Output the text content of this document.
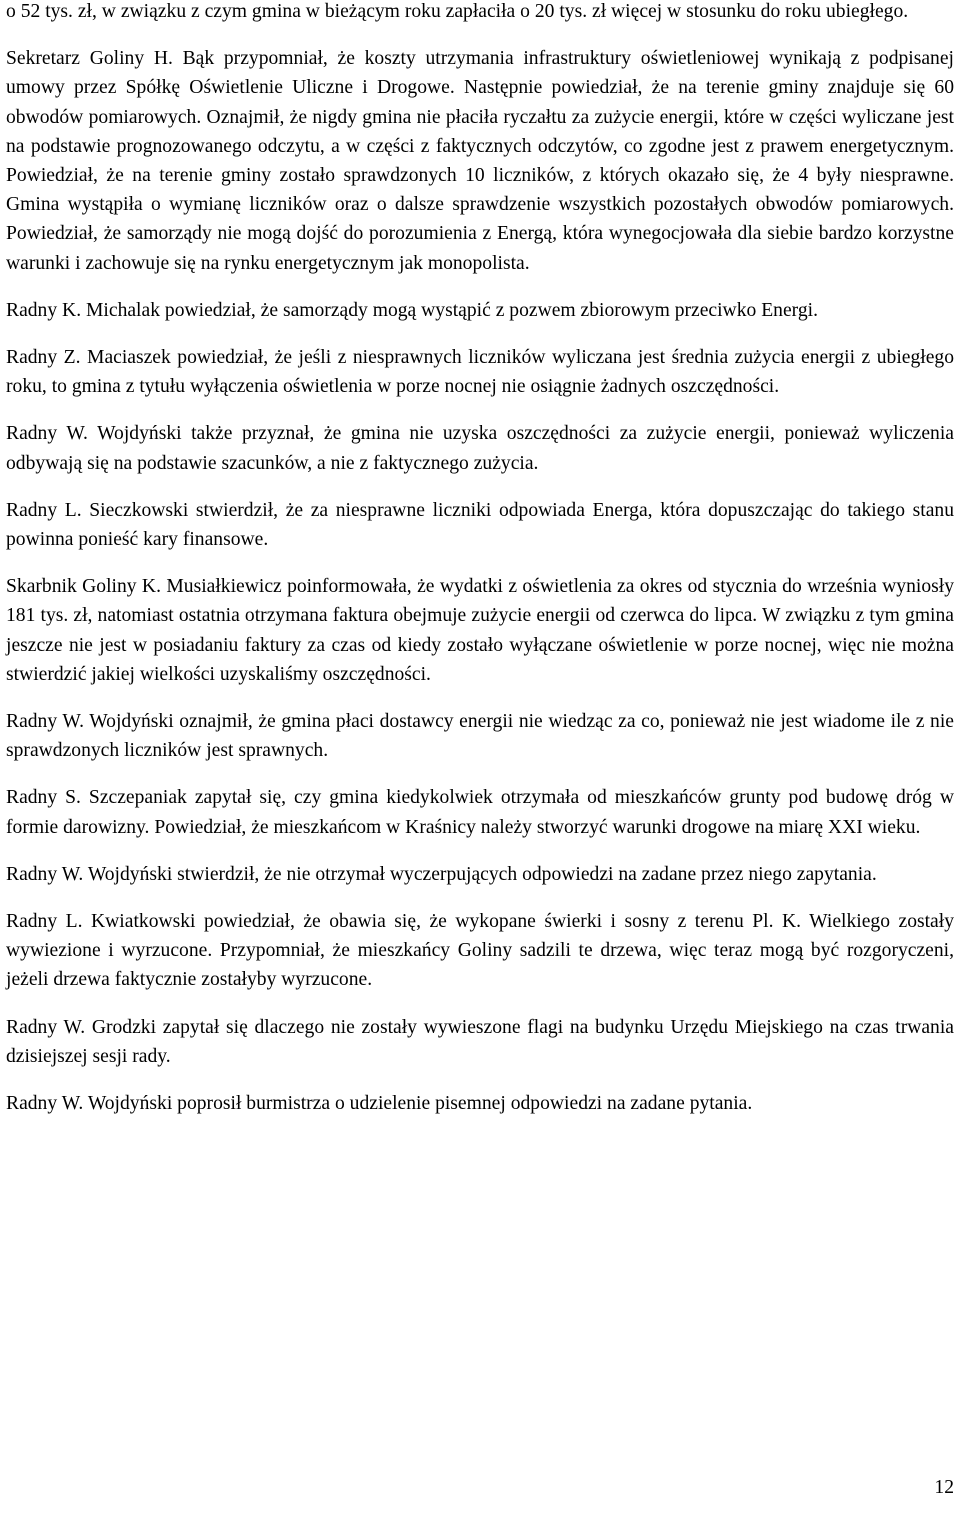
o 52 tys. zł, w związku z czym gmina w bieżącym roku zapłaciła o 20 tys. zł więcej w stosunku do roku ubiegłego.

Sekretarz Goliny H. Bąk przypomniał, że koszty utrzymania infrastruktury oświetleniowej wynikają z podpisanej umowy przez Spółkę Oświetlenie Uliczne i Drogowe. Następnie powiedział, że na terenie gminy znajduje się 60 obwodów pomiarowych. Oznajmił, że nigdy gmina nie płaciła ryczałtu za zużycie energii, które w części wyliczane jest na podstawie prognozowanego odczytu, a w części z faktycznych odczytów, co zgodne jest z prawem energetycznym. Powiedział, że na terenie gminy zostało sprawdzonych 10 liczników, z których okazało się, że 4 były niesprawne. Gmina wystąpiła o wymianę liczników oraz o dalsze sprawdzenie wszystkich pozostałych obwodów pomiarowych. Powiedział, że samorządy nie mogą dojść do porozumienia z Energą, która wynegocjowała dla siebie bardzo korzystne warunki i zachowuje się na rynku energetycznym jak monopolista.

Radny K. Michalak powiedział, że samorządy mogą wystąpić z pozwem zbiorowym przeciwko Energi.

Radny Z. Maciaszek powiedział, że jeśli z niesprawnych liczników wyliczana jest średnia zużycia energii z ubiegłego roku, to gmina z tytułu wyłączenia oświetlenia w porze nocnej nie osiągnie żadnych oszczędności.

Radny W. Wojdyński także przyznał, że gmina nie uzyska oszczędności za zużycie energii, ponieważ wyliczenia odbywają się na podstawie szacunków, a nie z faktycznego zużycia.

Radny L. Sieczkowski stwierdził, że za niesprawne liczniki odpowiada Energa, która dopuszczając do takiego stanu powinna ponieść kary finansowe.

Skarbnik Goliny K. Musiałkiewicz poinformowała, że wydatki z oświetlenia za okres od stycznia do września wyniosły 181 tys. zł, natomiast ostatnia otrzymana faktura obejmuje zużycie energii od czerwca do lipca. W związku z tym gmina jeszcze nie jest w posiadaniu faktury za czas od kiedy zostało wyłączane oświetlenie w porze nocnej, więc nie można stwierdzić jakiej wielkości uzyskaliśmy oszczędności.

Radny W. Wojdyński oznajmił, że gmina płaci dostawcy energii nie wiedząc za co, ponieważ nie jest wiadome ile z nie sprawdzonych liczników jest sprawnych.

Radny S. Szczepaniak zapytał się, czy gmina kiedykolwiek otrzymała od mieszkańców grunty pod budowę dróg w formie darowizny. Powiedział, że mieszkańcom w Kraśnicy należy stworzyć warunki drogowe na miarę XXI wieku.

Radny W. Wojdyński stwierdził, że nie otrzymał wyczerpujących odpowiedzi na zadane przez niego zapytania.

Radny L. Kwiatkowski powiedział, że obawia się, że wykopane świerki i sosny z terenu Pl. K. Wielkiego zostały wywiezione i wyrzucone. Przypomniał, że mieszkańcy Goliny sadzili te drzewa, więc teraz mogą być rozgoryczeni, jeżeli drzewa faktycznie zostałyby wyrzucone.

Radny W. Grodzki zapytał się dlaczego nie zostały wywieszone flagi na budynku Urzędu Miejskiego na czas trwania dzisiejszej sesji rady.

Radny W. Wojdyński poprosił burmistrza o udzielenie pisemnej odpowiedzi na zadane pytania.

12
